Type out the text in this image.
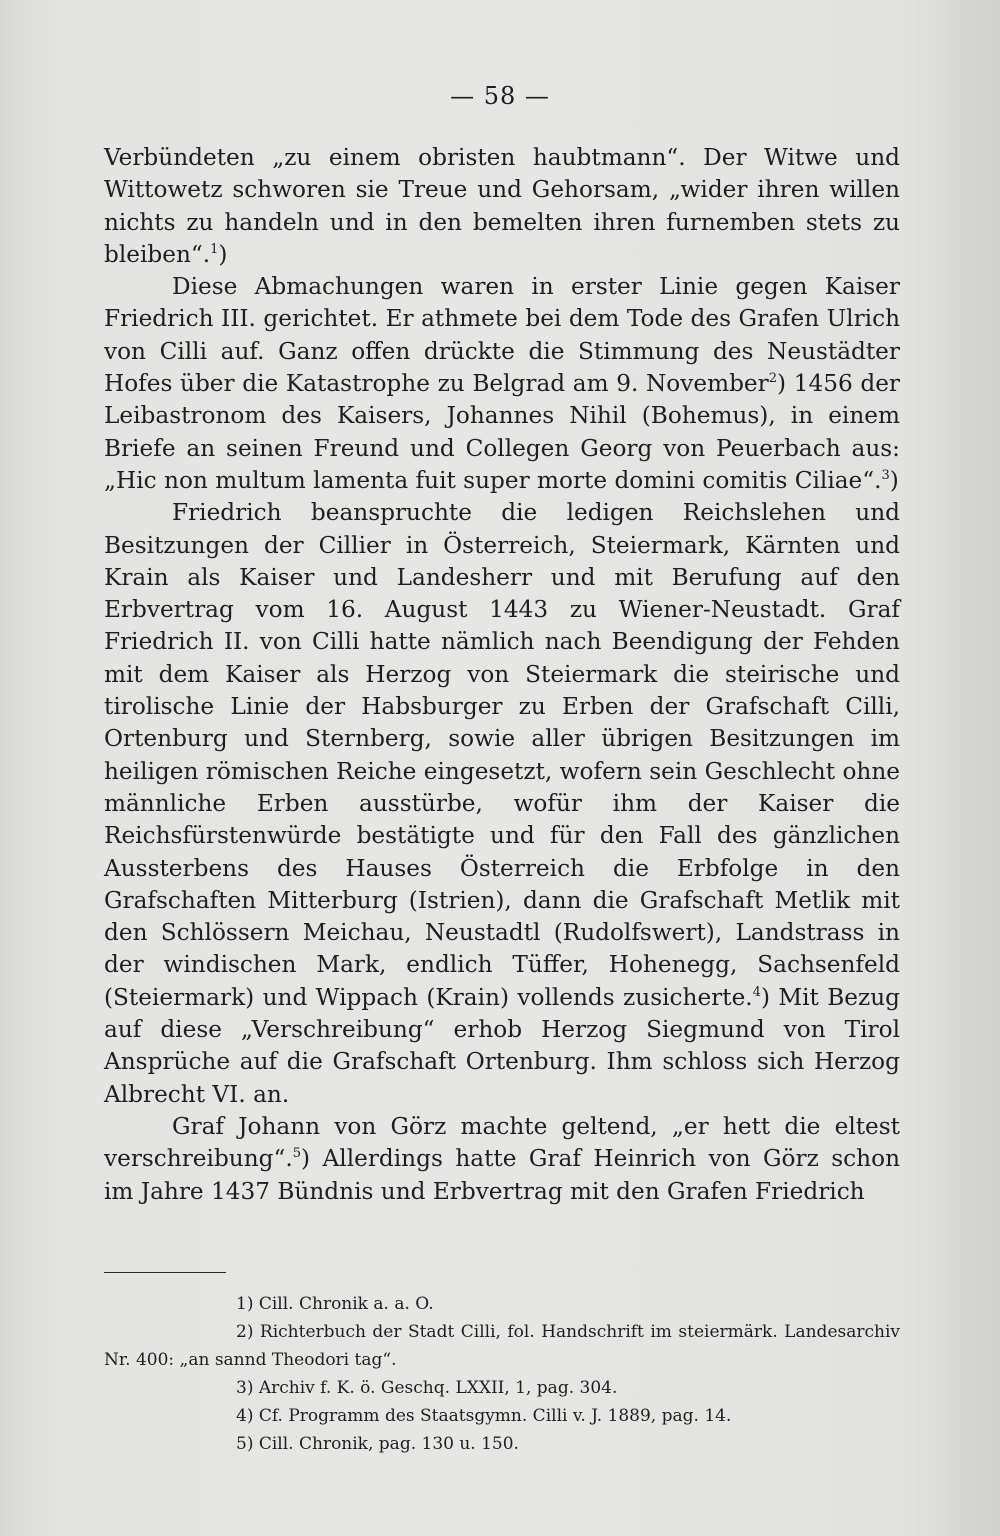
— 58 —

Verbündeten „zu einem obristen haubtmann“. Der Witwe und Wittowetz schworen sie Treue und Gehorsam, „wider ihren willen nichts zu handeln und in den bemelten ihren furnemben stets zu bleiben“.$^1$)

Diese Abmachungen waren in erster Linie gegen Kaiser Friedrich III. gerichtet. Er athmete bei dem Tode des Grafen Ulrich von Cilli auf. Ganz offen drückte die Stimmung des Neustädter Hofes über die Katastrophe zu Belgrad am 9. November$^2$) 1456 der Leibastronom des Kaisers, Johannes Nihil (Bohemus), in einem Briefe an seinen Freund und Collegen Georg von Peuerbach aus: „Hic non multum lamenta fuit super morte domini comitis Ciliae“.$^3$)

Friedrich beanspruchte die ledigen Reichslehen und Besitzungen der Cillier in Österreich, Steiermark, Kärnten und Krain als Kaiser und Landesherr und mit Berufung auf den Erbvertrag vom 16. August 1443 zu Wiener-Neustadt. Graf Friedrich II. von Cilli hatte nämlich nach Beendigung der Fehden mit dem Kaiser als Herzog von Steiermark die steirische und tirolische Linie der Habsburger zu Erben der Grafschaft Cilli, Ortenburg und Sternberg, sowie aller übrigen Besitzungen im heiligen römischen Reiche eingesetzt, wofern sein Geschlecht ohne männliche Erben ausstürbe, wofür ihm der Kaiser die Reichsfürstenwürde bestätigte und für den Fall des gänzlichen Aussterbens des Hauses Österreich die Erbfolge in den Grafschaften Mitterburg (Istrien), dann die Grafschaft Metlik mit den Schlössern Meichau, Neustadtl (Rudolfswert), Landstrass in der windischen Mark, endlich Tüffer, Hohenegg, Sachsenfeld (Steiermark) und Wippach (Krain) vollends zusicherte.$^4$) Mit Bezug auf diese „Verschreibung“ erhob Herzog Siegmund von Tirol Ansprüche auf die Grafschaft Ortenburg. Ihm schloss sich Herzog Albrecht VI. an.

Graf Johann von Görz machte geltend, „er hett die eltest verschreibung“.$^5$) Allerdings hatte Graf Heinrich von Görz schon im Jahre 1437 Bündnis und Erbvertrag mit den Grafen Friedrich

1) Cill. Chronik a. a. O.

2) Richterbuch der Stadt Cilli, fol. Handschrift im steiermärk. Landesarchiv Nr. 400: „an sannd Theodori tag“.

3) Archiv f. K. ö. Geschq. LXXII, 1, pag. 304.

4) Cf. Programm des Staatsgymn. Cilli v. J. 1889, pag. 14.

5) Cill. Chronik, pag. 130 u. 150.
